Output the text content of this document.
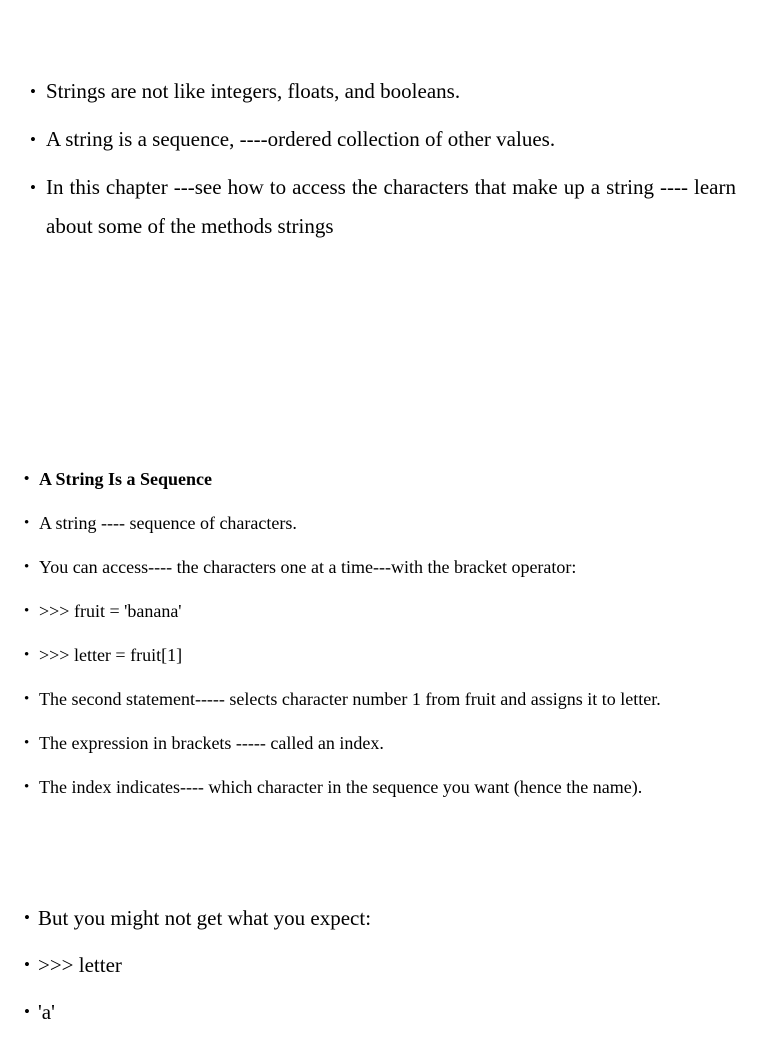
• Strings are not like integers, floats, and booleans.
• A string is a sequence, ----ordered collection of other values.
• In this chapter ---see how to access the characters that make up a string ---- learn about some of the methods strings
• A String Is a Sequence
• A string ---- sequence of characters.
• You can access---- the characters one at a time---with the bracket operator:
• >>> fruit = 'banana'
• >>> letter = fruit[1]
• The second statement----- selects character number 1 from fruit and assigns it to letter.
• The expression in brackets ----- called an index.
• The index indicates---- which character in the sequence you want (hence the name).
• But you might not get what you expect:
• >>> letter
• 'a'
